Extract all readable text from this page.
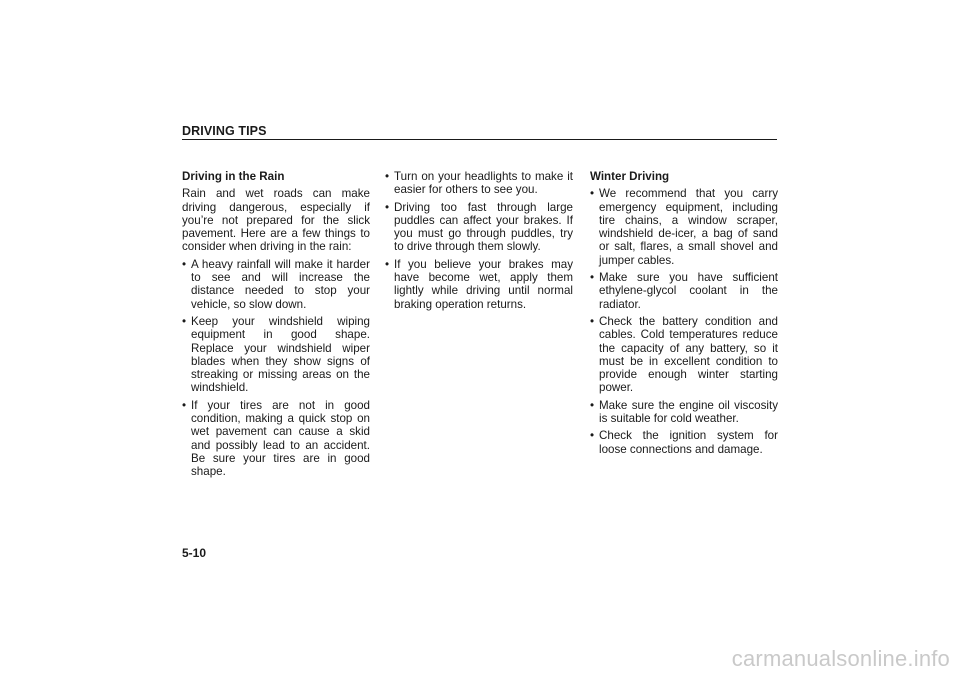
DRIVING TIPS
Driving in the Rain
Rain and wet roads can make driving dangerous, especially if you’re not prepared for the slick pavement. Here are a few things to consider when driving in the rain:
• A heavy rainfall will make it harder to see and will increase the distance needed to stop your vehicle, so slow down.
• Keep your windshield wiping equipment in good shape. Replace your windshield wiper blades when they show signs of streaking or missing areas on the windshield.
• If your tires are not in good condition, making a quick stop on wet pavement can cause a skid and possibly lead to an accident. Be sure your tires are in good shape.
• Turn on your headlights to make it easier for others to see you.
• Driving too fast through large puddles can affect your brakes. If you must go through puddles, try to drive through them slowly.
• If you believe your brakes may have become wet, apply them lightly while driving until normal braking operation returns.
Winter Driving
• We recommend that you carry emergency equipment, including tire chains, a window scraper, windshield de-icer, a bag of sand or salt, flares, a small shovel and jumper cables.
• Make sure you have sufficient ethylene-glycol coolant in the radiator.
• Check the battery condition and cables. Cold temperatures reduce the capacity of any battery, so it must be in excellent condition to provide enough winter starting power.
• Make sure the engine oil viscosity is suitable for cold weather.
• Check the ignition system for loose connections and damage.
5-10
carmanualsonline.info
